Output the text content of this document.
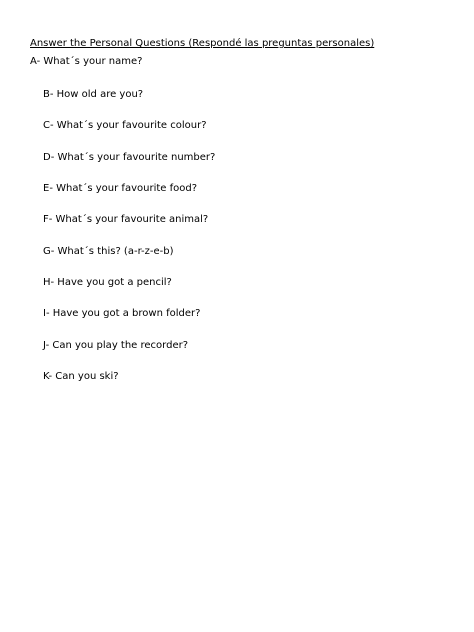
Answer the Personal Questions (Respondé las preguntas personales)
A- What´s your name?
B- How old are you?
C- What´s your favourite colour?
D- What´s your favourite number?
E- What´s your favourite food?
F- What´s your favourite animal?
G- What´s this? (a-r-z-e-b)
H- Have you got a pencil?
I- Have you got a brown folder?
J- Can you play the recorder?
K- Can you ski?
